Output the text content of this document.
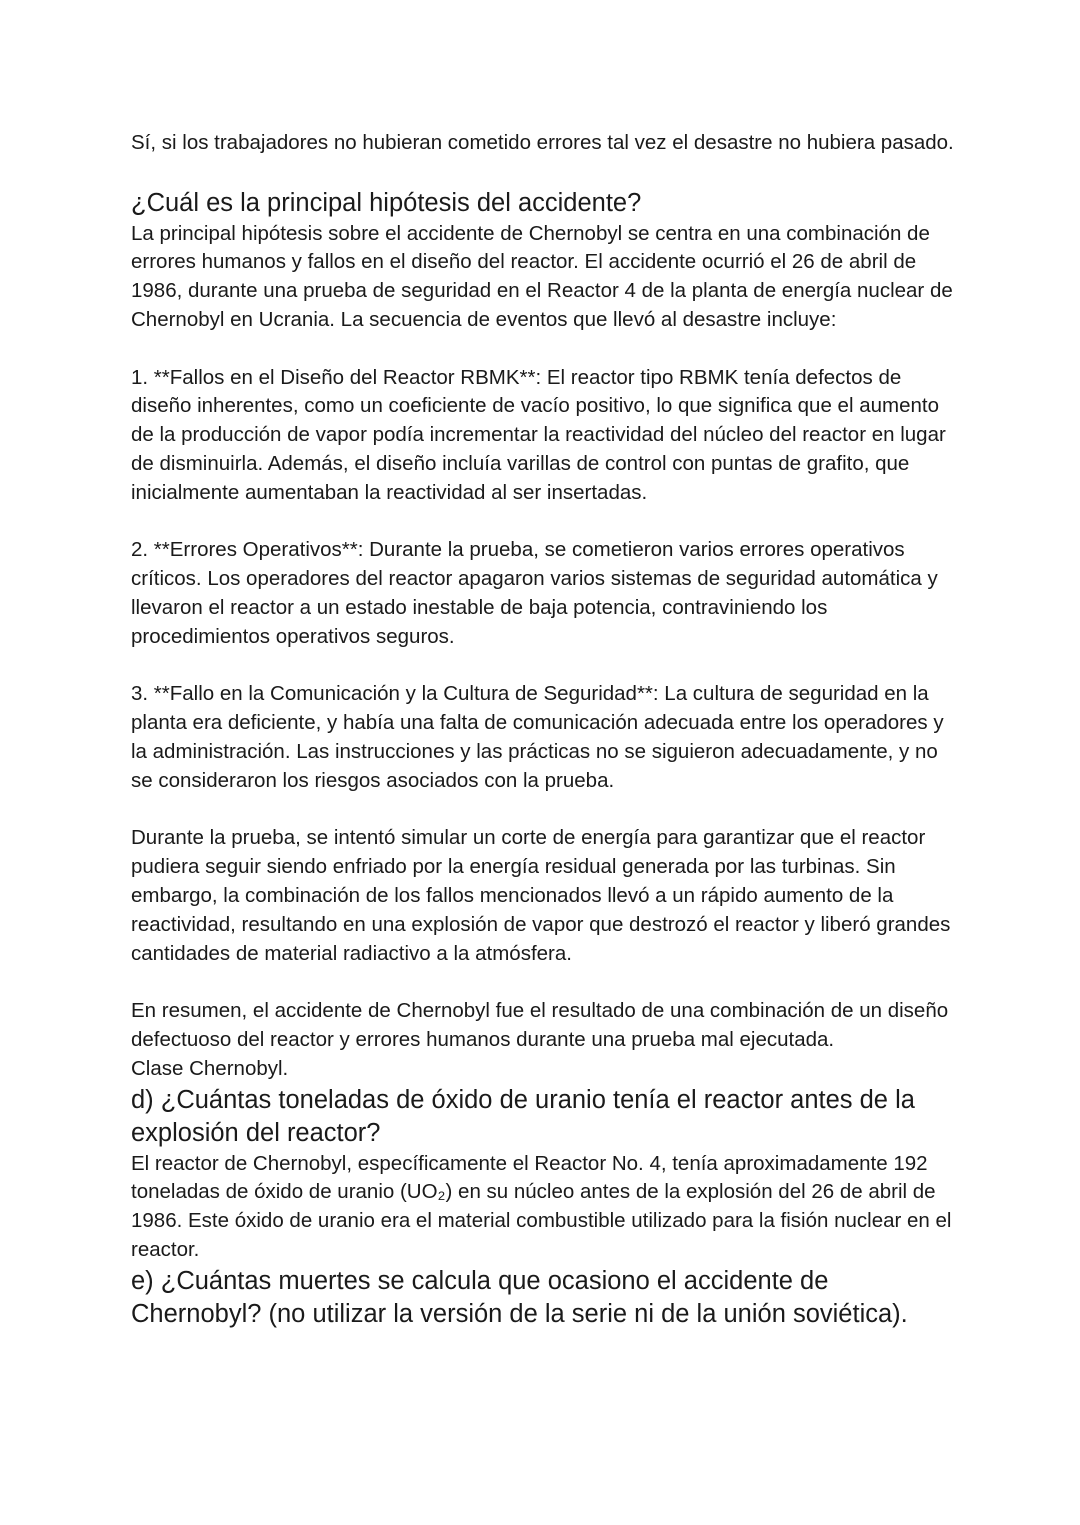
Sí, si los trabajadores no hubieran cometido errores tal vez el desastre no hubiera pasado.

¿Cuál es la principal hipótesis del accidente?

La principal hipótesis sobre el accidente de Chernobyl se centra en una combinación de errores humanos y fallos en el diseño del reactor. El accidente ocurrió el 26 de abril de 1986, durante una prueba de seguridad en el Reactor 4 de la planta de energía nuclear de Chernobyl en Ucrania. La secuencia de eventos que llevó al desastre incluye:

1. **Fallos en el Diseño del Reactor RBMK**: El reactor tipo RBMK tenía defectos de diseño inherentes, como un coeficiente de vacío positivo, lo que significa que el aumento de la producción de vapor podía incrementar la reactividad del núcleo del reactor en lugar de disminuirla. Además, el diseño incluía varillas de control con puntas de grafito, que inicialmente aumentaban la reactividad al ser insertadas.

2. **Errores Operativos**: Durante la prueba, se cometieron varios errores operativos críticos. Los operadores del reactor apagaron varios sistemas de seguridad automática y llevaron el reactor a un estado inestable de baja potencia, contraviniendo los procedimientos operativos seguros.

3. **Fallo en la Comunicación y la Cultura de Seguridad**: La cultura de seguridad en la planta era deficiente, y había una falta de comunicación adecuada entre los operadores y la administración. Las instrucciones y las prácticas no se siguieron adecuadamente, y no se consideraron los riesgos asociados con la prueba.

Durante la prueba, se intentó simular un corte de energía para garantizar que el reactor pudiera seguir siendo enfriado por la energía residual generada por las turbinas. Sin embargo, la combinación de los fallos mencionados llevó a un rápido aumento de la reactividad, resultando en una explosión de vapor que destrozó el reactor y liberó grandes cantidades de material radiactivo a la atmósfera.

En resumen, el accidente de Chernobyl fue el resultado de una combinación de un diseño defectuoso del reactor y errores humanos durante una prueba mal ejecutada.

Clase Chernobyl.

d) ¿Cuántas toneladas de óxido de uranio tenía el reactor antes de la explosión del reactor?

El reactor de Chernobyl, específicamente el Reactor No. 4, tenía aproximadamente 192 toneladas de óxido de uranio (UO₂) en su núcleo antes de la explosión del 26 de abril de 1986. Este óxido de uranio era el material combustible utilizado para la fisión nuclear en el reactor.

e) ¿Cuántas muertes se calcula que ocasiono el accidente de Chernobyl? (no utilizar la versión de la serie ni de la unión soviética).
